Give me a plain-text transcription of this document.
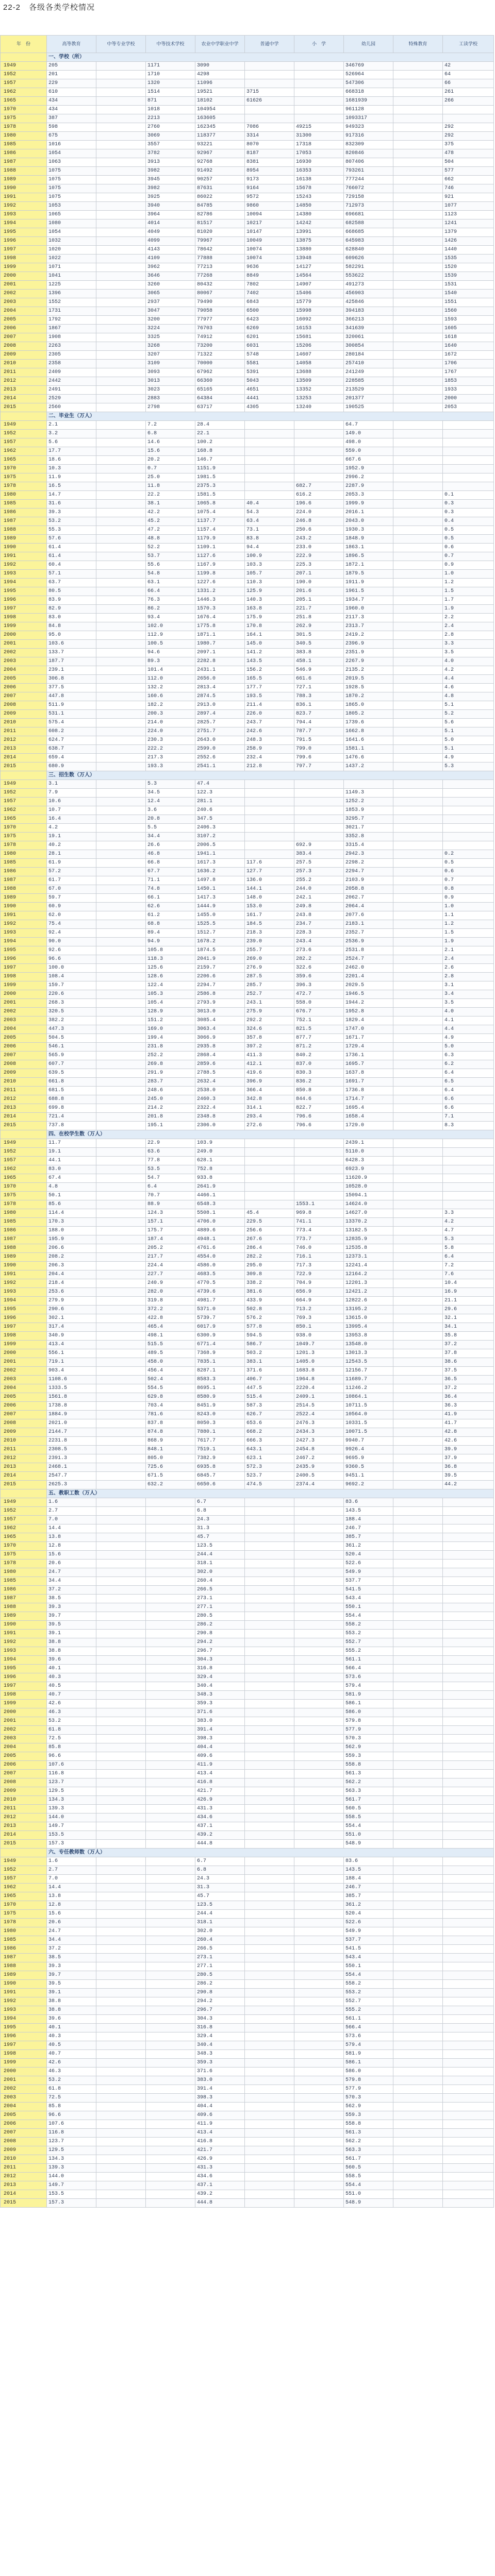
22-2　各级各类学校情况
年　份	高等教育	中等专业学校	中等技术学校	农业中学职业中学	普通中学	小　学	幼儿园	特殊教育	工读学校	
	一、学校（所）									
1949	205		1171	3090			346769		42	
1952	201		1710	4298			526964		64	
1957	229		1320	11096			547306		66	
1962	610		1514	19521	3715		668318		261	
1965	434		871	18102	61626		1681939		266	
1970	434		1018	104954			961128			
1975	387		2213	163605			1093317			
1978	598		2760	162345	7086	49215	949323		292	
1980	675		3069	118377	3314	31300	917316		292	
1985	1016		3557	93221	8070	17318	832309		375	
1986	1054		3782	92967	8187	17053	820846		478	
1987	1063		3913	92768	8381	16930	807406		504	
1988	1075		3982	91492	8954	16353	793261		577	
1989	1075		3945	90257	9173	16138	777244		662	
1990	1075		3982	87631	9164	15678	766072		746	
1991	1075		3925	86022	9572	15243	729158		921	
1992	1053		3940	84785	9860	14850	712973		1077	
1993	1065		3964	82786	10094	14380	696681		1123	
1994	1080		4014	81517	10217	14242	682588		1241	
1995	1054		4049	81020	10147	13991	668685		1379	
1996	1032		4099	79967	10049	13875	645983		1426	
1997	1020		4143	78642	10074	13880	628840		1440	
1998	1022		4109	77888	10074	13948	609626		1535	
1999	1071		3962	77213	9636	14127	582291		1520	
2000	1041		3646	77268	8849	14564	553622		1539	
2001	1225		3260	80432	7802	14907	491273		1531	
2002	1396		3065	80067	7402	15406	456903		1540	
2003	1552		2937	79490	6843	15779	425846		1551	
2004	1731		3047	79058	6500	15998	394183		1560	
2005	1792		3200	77977	6423	16092	366213		1593	
2006	1867		3224	76703	6269	16153	341639		1605	
2007	1908		3325	74912	6201	15681	320061		1618	
2008	2263		3268	73200	6031	15206	300854		1640	
2009	2305		3207	71322	5748	14607	280184		1672	
2010	2358		3109	70000	5581	14058	257410		1706	
2011	2409		3093	67962	5391	13688	241249		1767	
2012	2442		3013	66360	5043	13509	228585		1853	
2013	2491		3023	65165	4651	13352	213529		1933	
2014	2529		2883	64384	4441	13253	201377		2000	
2015	2560		2798	63717	4305	13240	190525		2053	
	二、毕业生（万人）									
1949	2.1		7.2	28.4			64.7			
1952	3.2		6.8	22.1			149.0			
1957	5.6		14.6	100.2			498.0			
1962	17.7		15.6	168.8			559.0			
1965	18.6		20.2	146.7			667.6			
1970	10.3		0.7	1151.9			1952.9			
1975	11.9		25.0	1981.5			2996.2			
1978	16.5		11.8	2375.3		682.7	2287.9			
1980	14.7		22.2	1581.5		616.2	2053.3		0.1	
1985	31.6		38.1	1065.8	40.4	196.6	1999.9		0.3	
1986	39.3		42.2	1075.4	54.3	224.0	2016.1		0.3	
1987	53.2		45.2	1137.7	63.4	246.8	2043.0		0.4	
1988	55.3		47.2	1157.4	73.1	250.6	1930.3		0.5	
1989	57.6		48.8	1179.9	83.8	243.2	1848.9		0.5	
1990	61.4		52.2	1109.1	94.4	233.0	1863.1		0.6	
1991	61.4		53.7	1127.6	100.9	222.9	1896.5		0.7	
1992	60.4		55.6	1167.9	103.3	225.3	1872.1		0.9	
1993	57.1		54.8	1199.8	105.7	207.1	1879.5		1.0	
1994	63.7		63.1	1227.6	110.3	190.0	1911.9		1.2	
1995	80.5		66.4	1331.2	125.9	201.6	1961.5		1.5	
1996	83.9		76.3	1446.3	140.3	205.1	1934.7		1.7	
1997	82.9		86.2	1570.3	163.8	221.7	1960.0		1.9	
1998	83.0		93.4	1676.4	175.9	251.8	2117.3		2.2	
1999	84.8		102.0	1775.8	170.8	262.9	2313.7		2.4	
2000	95.0		112.9	1871.1	164.1	301.5	2419.2		2.8	
2001	103.6		100.5	1980.7	145.0	340.5	2396.9		3.3	
2002	133.7		94.6	2097.1	141.2	383.8	2351.9		3.5	
2003	187.7		89.3	2282.8	143.5	458.1	2267.9		4.0	
2004	239.1		101.4	2431.1	156.2	546.9	2135.2		4.2	
2005	306.8		112.0	2656.0	165.5	661.6	2019.5		4.4	
2006	377.5		132.2	2813.4	177.7	727.1	1928.5		4.6	
2007	447.8		160.6	2874.5	193.5	788.3	1870.2		4.8	
2008	511.9		182.2	2913.0	211.4	836.1	1865.0		5.1	
2009	531.1		200.3	2897.4	226.0	823.7	1805.2		5.2	
2010	575.4		214.0	2825.7	243.7	794.4	1739.6		5.6	
2011	608.2		224.0	2751.7	242.6	787.7	1662.8		5.1	
2012	624.7		230.3	2643.0	248.3	791.5	1641.6		5.0	
2013	638.7		222.2	2599.0	258.9	799.0	1581.1		5.1	
2014	659.4		217.3	2552.6	232.4	799.6	1476.6		4.9	
2015	680.9		193.3	2541.1	212.8	797.7	1437.2		5.3	
	三、招生数（万人）									
1949	3.1		5.3	47.4						
1952	7.9		34.5	122.3			1149.3			
1957	10.6		12.4	281.1			1252.2			
1962	10.7		3.6	240.6			1853.9			
1965	16.4		20.8	347.5			3295.7			
1970	4.2		5.5	2406.3			3021.7			
1975	19.1		34.4	3107.2			3352.8			
1978	40.2		26.6	2006.5		692.9	3315.4			
1980	28.1		46.8	1941.1		383.4	2942.3		0.2	
1985	61.9		66.8	1617.3	117.6	257.5	2298.2		0.5	
1986	57.2		67.7	1636.2	127.7	257.3	2294.7		0.6	
1987	61.7		71.1	1497.8	136.0	255.2	2103.9		0.7	
1988	67.0		74.8	1450.1	144.1	244.0	2058.8		0.8	
1989	59.7		66.1	1417.3	148.0	242.1	2062.7		0.9	
1990	60.9		62.6	1444.9	153.0	249.8	2064.4		1.0	
1991	62.0		61.2	1455.0	161.7	243.8	2077.6		1.1	
1992	75.4		68.8	1525.5	184.5	234.7	2183.1		1.2	
1993	92.4		89.4	1512.7	218.3	228.3	2352.7		1.5	
1994	90.0		94.9	1678.2	239.0	243.4	2536.9		1.9	
1995	92.6		105.8	1874.5	255.7	273.6	2531.8		2.1	
1996	96.6		118.3	2041.9	269.0	282.2	2524.7		2.4	
1997	100.0		125.6	2159.7	276.9	322.6	2462.0		2.6	
1998	108.4		128.6	2206.6	287.5	359.6	2201.4		2.8	
1999	159.7		122.4	2294.7	285.7	396.3	2029.5		3.1	
2000	220.6		105.3	2586.8	252.7	472.7	1946.5		3.4	
2001	268.3		105.4	2793.9	243.1	558.0	1944.2		3.5	
2002	320.5		128.9	3013.0	275.9	676.7	1952.8		4.0	
2003	382.2		151.2	3085.4	292.2	752.1	1829.4		4.1	
2004	447.3		169.0	3063.4	324.6	821.5	1747.0		4.4	
2005	504.5		199.4	3066.9	357.8	877.7	1671.7		4.9	
2006	546.1		231.8	2935.8	397.2	871.2	1729.4		5.0	
2007	565.9		252.2	2868.4	411.3	840.2	1736.1		6.3	
2008	607.7		269.8	2859.6	412.1	837.0	1695.7		6.2	
2009	639.5		291.9	2788.5	419.6	830.3	1637.8		6.4	
2010	661.8		283.7	2632.4	396.9	836.2	1691.7		6.5	
2011	681.5		248.6	2538.0	366.4	850.8	1736.8		6.4	
2012	688.8		245.0	2460.3	342.8	844.6	1714.7		6.6	
2013	699.8		214.2	2322.4	314.1	822.7	1695.4		6.6	
2014	721.4		201.8	2348.8	293.4	796.6	1658.4		7.1	
2015	737.8		195.1	2306.0	272.6	796.6	1729.0		8.3	
	四、在校学生数（万人）									
1949	11.7		22.9	103.9			2439.1			
1952	19.1		63.6	249.0			5110.0			
1957	44.1		77.8	628.1			6428.3			
1962	83.0		53.5	752.8			6923.9			
1965	67.4		54.7	933.8			11620.9			
1970	4.8		6.4	2641.9			10528.0			
1975	50.1		70.7	4466.1			15094.1			
1978	85.6		88.9	6548.3		1553.1	14624.0			
1980	114.4		124.3	5508.1	45.4	969.8	14627.0		3.3	
1985	170.3		157.1	4706.0	229.5	741.1	13370.2		4.2	
1986	188.0		175.7	4889.6	256.6	773.4	13182.5		4.7	
1987	195.9		187.4	4948.1	267.6	773.7	12835.9		5.3	
1988	206.6		205.2	4761.6	286.4	746.0	12535.8		5.8	
1989	208.2		217.7	4554.0	282.2	716.1	12373.1		6.4	
1990	206.3		224.4	4586.0	295.0	717.3	12241.4		7.2	
1991	204.4		227.7	4683.5	309.8	722.9	12164.2		7.6	
1992	218.4		240.9	4770.5	338.2	704.9	12201.3		10.4	
1993	253.6		282.0	4739.6	381.6	656.9	12421.2		16.9	
1994	279.9		319.8	4981.7	433.9	664.9	12822.6		21.1	
1995	290.6		372.2	5371.0	502.8	713.2	13195.2		29.6	
1996	302.1		422.8	5739.7	576.2	769.3	13615.0		32.1	
1997	317.4		465.4	6017.9	577.8	850.1	13995.4		34.1	
1998	340.9		498.1	6300.9	594.5	938.0	13953.8		35.8	
1999	413.4		515.5	6771.4	586.7	1049.7	13548.0		37.2	
2000	556.1		489.5	7368.9	503.2	1201.3	13013.3		37.8	
2001	719.1		458.0	7835.1	383.1	1405.0	12543.5		38.6	
2002	903.4		456.4	8287.1	371.6	1683.8	12156.7		37.5	
2003	1108.6		502.4	8583.3	406.7	1964.8	11689.7		36.5	
2004	1333.5		554.5	8695.1	447.5	2220.4	11246.2		37.2	
2005	1561.8		629.8	8580.9	515.4	2409.1	10864.1		36.4	
2006	1738.8		703.4	8451.9	587.3	2514.5	10711.5		36.3	
2007	1884.9		781.6	8243.0	626.7	2522.4	10564.0		41.9	
2008	2021.0		837.8	8050.3	653.6	2476.3	10331.5		41.7	
2009	2144.7		874.8	7880.1	668.2	2434.3	10071.5		42.8	
2010	2231.8		868.9	7617.7	666.3	2427.3	9940.7		42.6	
2011	2308.5		848.1	7519.1	643.1	2454.8	9926.4		39.9	
2012	2391.3		805.0	7382.9	623.1	2467.2	9695.9		37.9	
2013	2468.1		725.6	6935.8	572.3	2435.9	9360.5		36.8	
2014	2547.7		671.5	6845.7	523.7	2400.5	9451.1		39.5	
2015	2625.3		632.2	6650.6	474.5	2374.4	9692.2		44.2	
	五、教职工数（万人）									
1949	1.6			6.7			83.6			
1952	2.7			6.8			143.5			
1957	7.0			24.3			188.4			
1962	14.4			31.3			246.7			
1965	13.8			45.7			385.7			
1970	12.8			123.5			361.2			
1975	15.6			244.4			520.4			
1978	20.6			318.1			522.6			
1980	24.7			302.0			549.9			
1985	34.4			260.4			537.7			
1986	37.2			266.5			541.5			
1987	38.5			273.1			543.4			
1988	39.3			277.1			550.1			
1989	39.7			280.5			554.4			
1990	39.5			286.2			558.2			
1991	39.1			290.8			553.2			
1992	38.8			294.2			552.7			
1993	38.8			296.7			555.2			
1994	39.6			304.3			561.1			
1995	40.1			316.8			566.4			
1996	40.3			329.4			573.6			
1997	40.5			340.4			579.4			
1998	40.7			348.3			581.9			
1999	42.6			359.3			586.1			
2000	46.3			371.6			586.0			
2001	53.2			383.0			579.8			
2002	61.8			391.4			577.9			
2003	72.5			398.3			570.3			
2004	85.8			404.4			562.9			
2005	96.6			409.6			559.3			
2006	107.6			411.9			558.8			
2007	116.8			413.4			561.3			
2008	123.7			416.8			562.2			
2009	129.5			421.7			563.3			
2010	134.3			426.9			561.7			
2011	139.3			431.3			560.5			
2012	144.0			434.6			558.5			
2013	149.7			437.1			554.4			
2014	153.5			439.2			551.0			
2015	157.3			444.8			548.9			
	六、专任教师数（万人）									
1949	1.6			6.7			83.6			
1952	2.7			6.8			143.5			
1957	7.0			24.3			188.4			
1962	14.4			31.3			246.7			
1965	13.8			45.7			385.7			
1970	12.8			123.5			361.2			
1975	15.6			244.4			520.4			
1978	20.6			318.1			522.6			
1980	24.7			302.0			549.9			
1985	34.4			260.4			537.7			
1986	37.2			266.5			541.5			
1987	38.5			273.1			543.4			
1988	39.3			277.1			550.1			
1989	39.7			280.5			554.4			
1990	39.5			286.2			558.2			
1991	39.1			290.8			553.2			
1992	38.8			294.2			552.7			
1993	38.8			296.7			555.2			
1994	39.6			304.3			561.1			
1995	40.1			316.8			566.4			
1996	40.3			329.4			573.6			
1997	40.5			340.4			579.4			
1998	40.7			348.3			581.9			
1999	42.6			359.3			586.1			
2000	46.3			371.6			586.0			
2001	53.2			383.0			579.8			
2002	61.8			391.4			577.9			
2003	72.5			398.3			570.3			
2004	85.8			404.4			562.9			
2005	96.6			409.6			559.3			
2006	107.6			411.9			558.8			
2007	116.8			413.4			561.3			
2008	123.7			416.8			562.2			
2009	129.5			421.7			563.3			
2010	134.3			426.9			561.7			
2011	139.3			431.3			560.5			
2012	144.0			434.6			558.5			
2013	149.7			437.1			554.4			
2014	153.5			439.2			551.0			
2015	157.3			444.8			548.9			
